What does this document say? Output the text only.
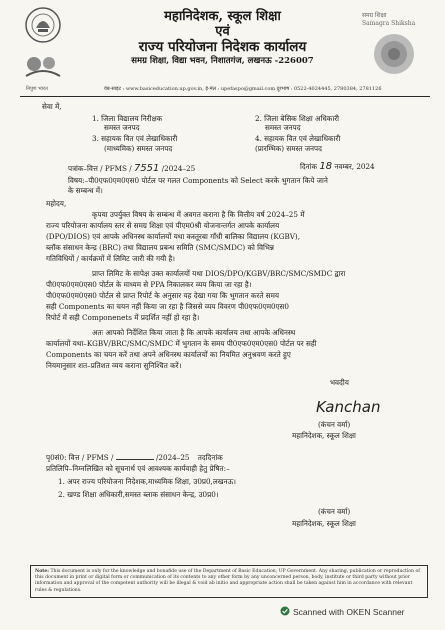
निपुण भारत
महानिदेशक, स्कूल शिक्षा
एवं
राज्य परियोजना निदेशक कार्यालय
समग्र शिक्षा, विद्या भवन, निशातगंज, लखनऊ -226007
वेब-साइट : www.basiceducation.up.gov.in, ई-मेल : upefaspo@gmail.com दूरभाष : 0522-4024445, 2780384, 2781126
समग्र शिक्षा
Samagra Shiksha
सेवा में,
1. जिला विद्यालय निरीक्षक
समस्त जनपद
3. सहायक वित एवं लेखाधिकारी
(माध्यमिक) समस्त जनपद
2. जिला बेसिक शिक्षा अधिकारी
समस्त जनपद
4. सहायक वित एवं लेखाधिकारी
(प्रारम्भिक) समस्त जनपद
पत्रांक–वित्त / PFMS / 7551 /2024–25	दिनांक 18 नवम्बर, 2024
विषय:–पी0एफ0एम0एस0 पोर्टल पर गलत Components को Select करके भुगतान किये जाने
के सम्बन्ध में।
महोदय,
कृपया उपर्युक्त विषय के सम्बन्ध में अवगत कराना है कि वित्तीय वर्ष 2024–25 में
राज्य परियोजना कार्यालय स्तर से समग्र शिक्षा एवं पीएम0श्री योजनान्तर्गत आपके कार्यालय
(DPO/DIOS) एवं आपके अधिनस्थ कार्यालयों यथा कस्तूरबा गाँधी बालिका विद्यालय (KGBV),
ब्लॉक संसाधन केन्द्र (BRC) तथा विद्यालय प्रबन्ध समिति (SMC/SMDC) को विभिन्न
गतिविधियों / कार्यक्रमों में लिमिट जारी की गयी है।
प्राप्त लिमिट के सापेक्ष उक्त कार्यालयों यथा DIOS/DPO/KGBV/BRC/SMC/SMDC द्वारा
पी0एफ0एम0एस0 पोर्टल के माध्यम से PPA निकालकर व्यय किया जा रहा है।
पी0एफ0एम0एस0 पोर्टल से प्राप्त रिपोर्ट के अनुसार यह देखा गया कि भुगतान करते समय
सही Components का चयन नहीं किया जा रहा है जिससे व्यय विवरण पी0एफ0एम0एस0
रिपोर्ट में सही Componenets में प्रदर्शित नहीं हो रहा है।
अतः आपको निर्देशित किया जाता है कि आपके कार्यालय तथा आपके अधिनस्थ
कार्यालयों यथा–KGBV/BRC/SMC/SMDC में भुगतान के समय पी0एफ0एम0एस0 पोर्टल पर सही
Components का चयन करें तथा अपने अधिनस्थ कार्यालयों का नियमित अनुश्रवण करते हुए
नियमानुसार शत–प्रतिशत व्यय कराना सुनिश्चित करें।
भवदीय
Kanchan
(कंचन वर्मा)
महानिदेशक, स्कूल शिक्षा
पृ0सं0: वित्त / PFMS /	/2024–25 तददिनांक
प्रतिलिपि–निम्नलिखित को सूचनार्थ एवं आवश्यक कार्यवाही हेतु प्रेषित:–
1. अपर राज्य परियोजना निदेशक,माध्यमिक शिक्षा, उ0प्र0,लखनऊ।
2. खण्ड शिक्षा अधिकारी,समस्त ब्लाक संसाधन केन्द्र, उ0प्र0।
(कंचन वर्मा)
महानिदेशक, स्कूल शिक्षा
Note: This document is only for the knowledge and bonafide use of the Department of Basic Education, UP Government. Any sharing, publication or reproduction of this document in print or digital form or communication of its contents to any other form by any unconcerned person, body, institute or third party without prior information and approval of the competent authority will be illegal & void ab initio and appropriate action shall be taken against him in accordance with relevant rules & regulations.
Scanned with OKEN Scanner
